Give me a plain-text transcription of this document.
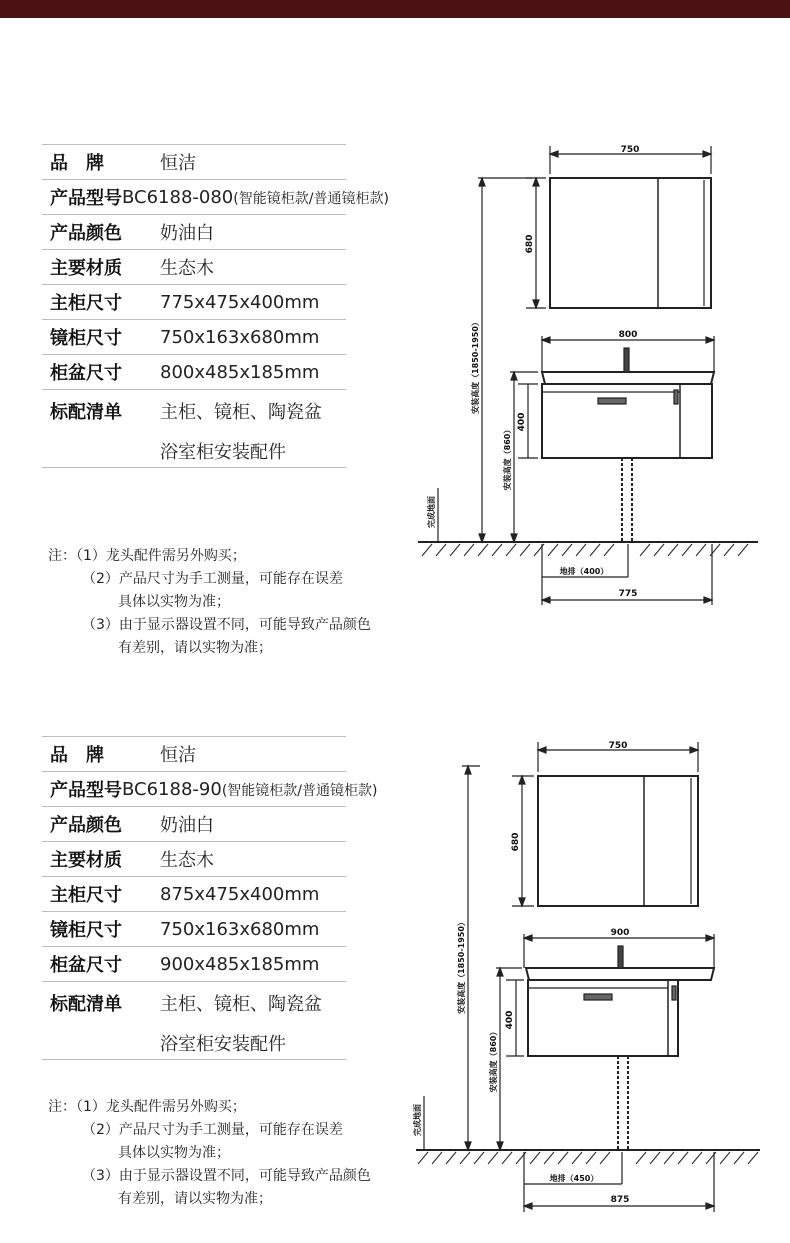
品　牌	恒洁
产品型号 BC6188-080(智能镜柜款/普通镜柜款)
产品颜色	奶油白
主要材质	生态木
主柜尺寸	775x475x400mm
镜柜尺寸	750x163x680mm
柜盆尺寸	800x485x185mm
标配清单	主柜、镜柜、陶瓷盆
浴室柜安装配件
注：（1）龙头配件需另外购买；
（2）产品尺寸为手工测量，可能存在误差
具体以实物为准；
（3）由于显示器设置不同，可能导致产品颜色
有差别，请以实物为准；
750
680
800
400
安装高度（1850-1950）
安装高度（860）
完成地面
地排（400）
775
品　牌	恒洁
产品型号 BC6188-90(智能镜柜款/普通镜柜款)
产品颜色	奶油白
主要材质	生态木
主柜尺寸	875x475x400mm
镜柜尺寸	750x163x680mm
柜盆尺寸	900x485x185mm
标配清单	主柜、镜柜、陶瓷盆
浴室柜安装配件
注：（1）龙头配件需另外购买；
（2）产品尺寸为手工测量，可能存在误差
具体以实物为准；
（3）由于显示器设置不同，可能导致产品颜色
有差别，请以实物为准；
750
680
900
400
安装高度（1850-1950）
安装高度（860）
完成地面
地排（450）
875
